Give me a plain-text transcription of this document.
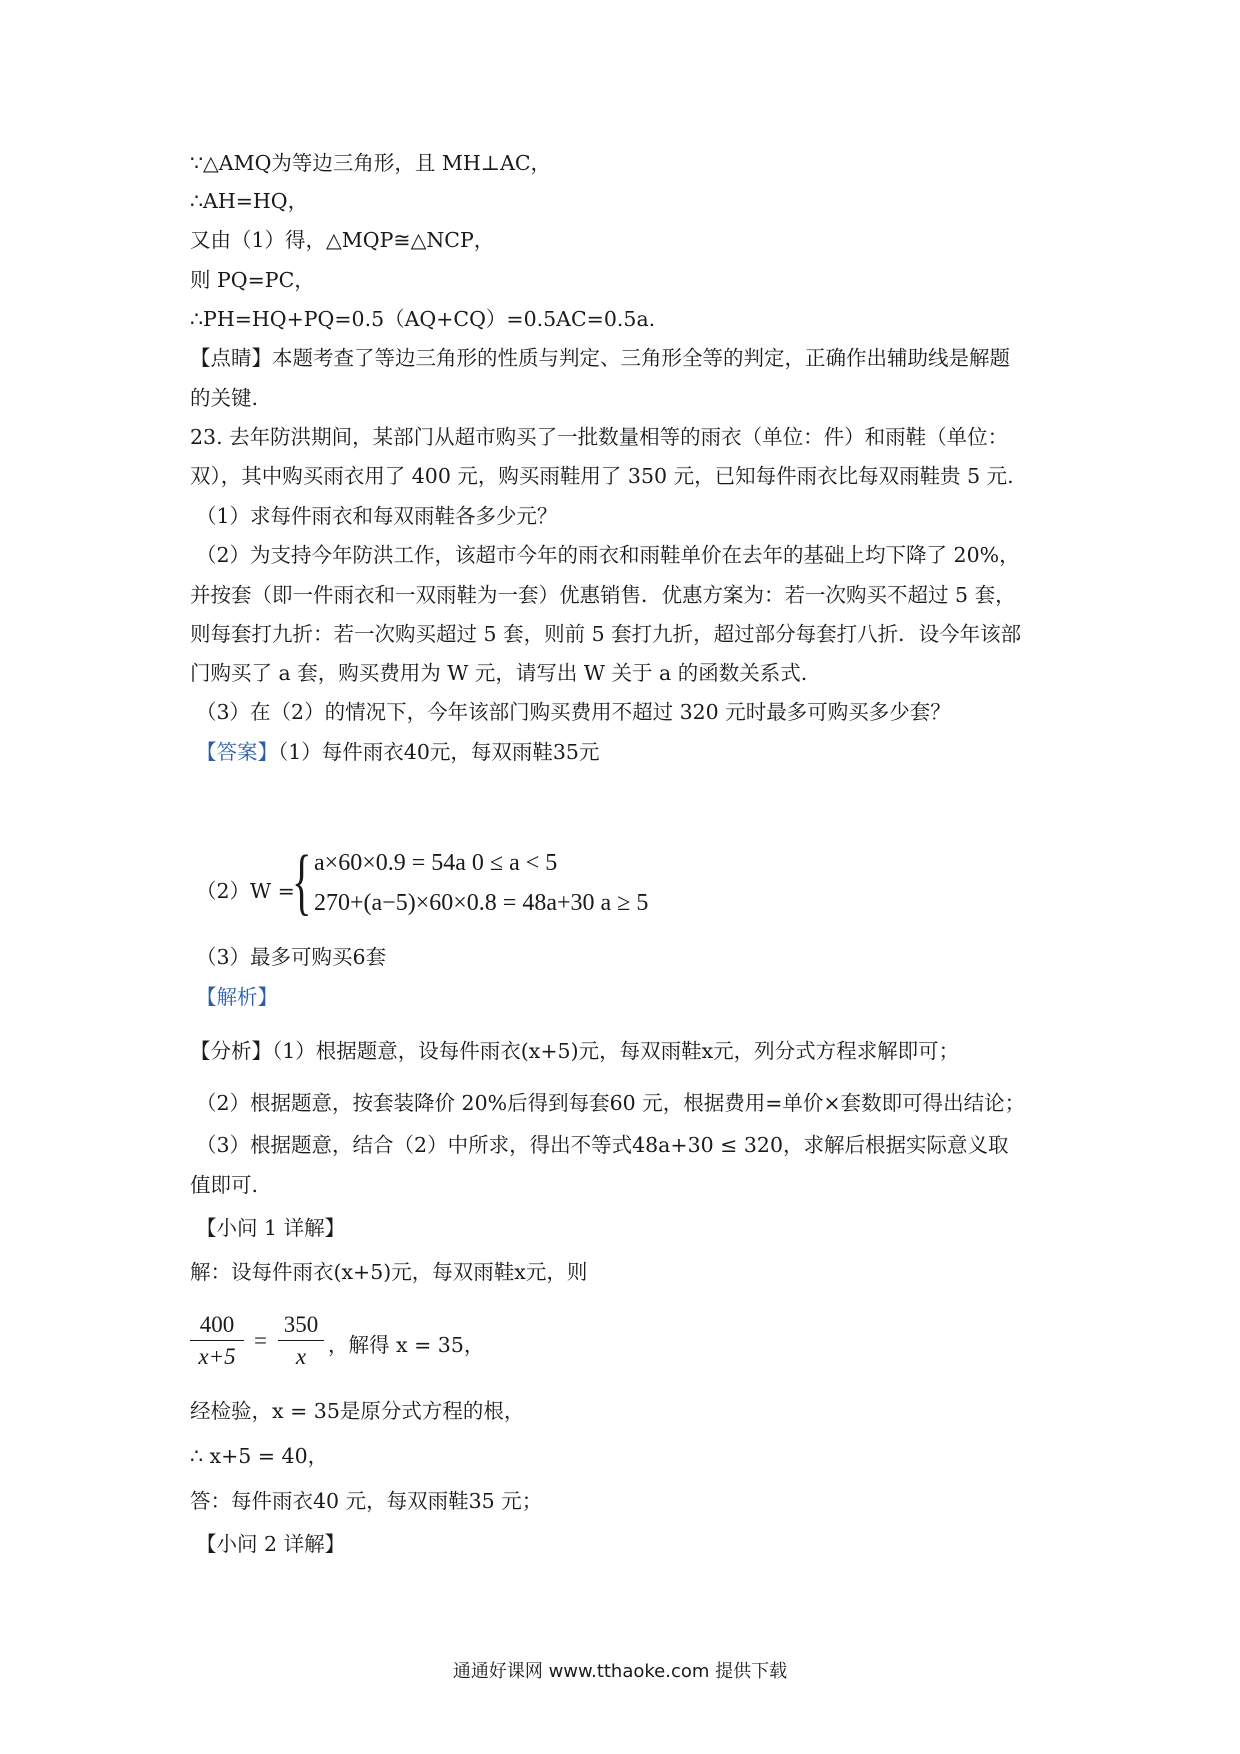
∵△AMQ为等边三角形，且 MH⊥AC，
∴AH=HQ，
又由（1）得，△MQP≅△NCP，
则 PQ=PC，
∴PH=HQ+PQ=0.5（AQ+CQ）=0.5AC=0.5a.
【点睛】本题考查了等边三角形的性质与判定、三角形全等的判定，正确作出辅助线是解题
的关键.
23. 去年防洪期间，某部门从超市购买了一批数量相等的雨衣（单位：件）和雨鞋（单位：
双），其中购买雨衣用了 400 元，购买雨鞋用了 350 元，已知每件雨衣比每双雨鞋贵 5 元.
（1）求每件雨衣和每双雨鞋各多少元？
（2）为支持今年防洪工作，该超市今年的雨衣和雨鞋单价在去年的基础上均下降了 20%，
并按套（即一件雨衣和一双雨鞋为一套）优惠销售．优惠方案为：若一次购买不超过 5 套，
则每套打九折：若一次购买超过 5 套，则前 5 套打九折，超过部分每套打八折．设今年该部
门购买了 a 套，购买费用为 W 元，请写出 W 关于 a 的函数关系式.
（3）在（2）的情况下，今年该部门购买费用不超过 320 元时最多可购买多少套？
【答案】（1）每件雨衣40元，每双雨鞋35元
（2）W =
{ a×60×0.9 = 54a 0 ≤ a < 5
270+(a−5)×60×0.8 = 48a+30 a ≥ 5
（3）最多可购买6套
【解析】
【分析】（1）根据题意，设每件雨衣(x+5)元，每双雨鞋x元，列分式方程求解即可；
（2）根据题意，按套装降价 20%后得到每套60 元，根据费用=单价×套数即可得出结论；
（3）根据题意，结合（2）中所求，得出不等式48a+30 ≤ 320，求解后根据实际意义取
值即可.
【小问 1 详解】
解：设每件雨衣(x+5)元，每双雨鞋x元，则
$\frac{400}{x+5} = \frac{350}{x}$ ，解得 x = 35，
经检验，x = 35是原分式方程的根，
∴ x+5 = 40，
答：每件雨衣40 元，每双雨鞋35 元；
【小问 2 详解】
通通好课网 www.tthaoke.com 提供下载
